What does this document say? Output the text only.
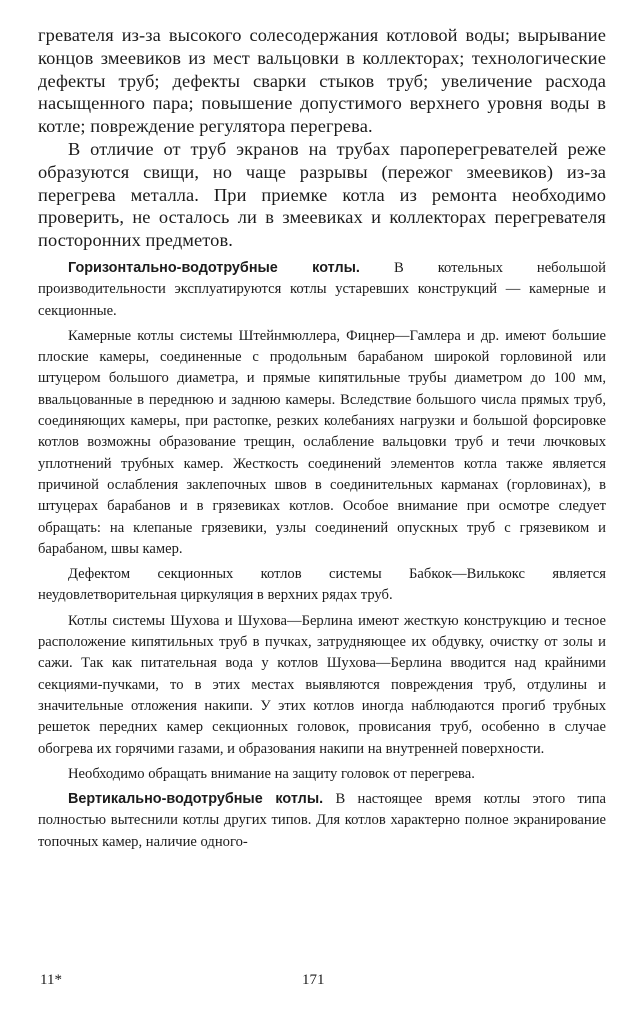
гревателя из-за высокого солесодержания котловой воды; вырывание концов змеевиков из мест вальцовки в коллекторах; технологические дефекты труб; дефекты сварки стыков труб; увеличение расхода насыщенного пара; повышение допустимого верхнего уровня воды в котле; повреждение регулятора перегрева.

В отличие от труб экранов на трубах пароперегревателей реже образуются свищи, но чаще разрывы (пережог змеевиков) из-за перегрева металла. При приемке котла из ремонта необходимо проверить, не осталось ли в змеевиках и коллекторах перегревателя посторонних предметов.

Горизонтально-водотрубные котлы. В котельных небольшой производительности эксплуатируются котлы устаревших конструкций — камерные и секционные.

Камерные котлы системы Штейнмюллера, Фицнер—Гамлера и др. имеют большие плоские камеры, соединенные с продольным барабаном широкой горловиной или штуцером большого диаметра, и прямые кипятильные трубы диаметром до 100 мм, ввальцованные в переднюю и заднюю камеры. Вследствие большого числа прямых труб, соединяющих камеры, при растопке, резких колебаниях нагрузки и большой форсировке котлов возможны образование трещин, ослабление вальцовки труб и течи лючковых уплотнений трубных камер. Жесткость соединений элементов котла также является причиной ослабления заклепочных швов в соединительных карманах (горловинах), в штуцерах барабанов и в грязевиках котлов. Особое внимание при осмотре следует обращать: на клепаные грязевики, узлы соединений опускных труб с грязевиком и барабаном, швы камер.

Дефектом секционных котлов системы Бабкок—Вилькокс является неудовлетворительная циркуляция в верхних рядах труб.

Котлы системы Шухова и Шухова—Берлина имеют жесткую конструкцию и тесное расположение кипятильных труб в пучках, затрудняющее их обдувку, очистку от золы и сажи. Так как питательная вода у котлов Шухова—Берлина вводится над крайними секциями-пучками, то в этих местах выявляются повреждения труб, отдулины и значительные отложения накипи. У этих котлов иногда наблюдаются прогиб трубных решеток передних камер секционных головок, провисания труб, особенно в случае обогрева их горячими газами, и образования накипи на внутренней поверхности.

Необходимо обращать внимание на защиту головок от перегрева.

Вертикально-водотрубные котлы. В настоящее время котлы этого типа полностью вытеснили котлы других типов. Для котлов характерно полное экранирование топочных камер, наличие одного-

11*	171
